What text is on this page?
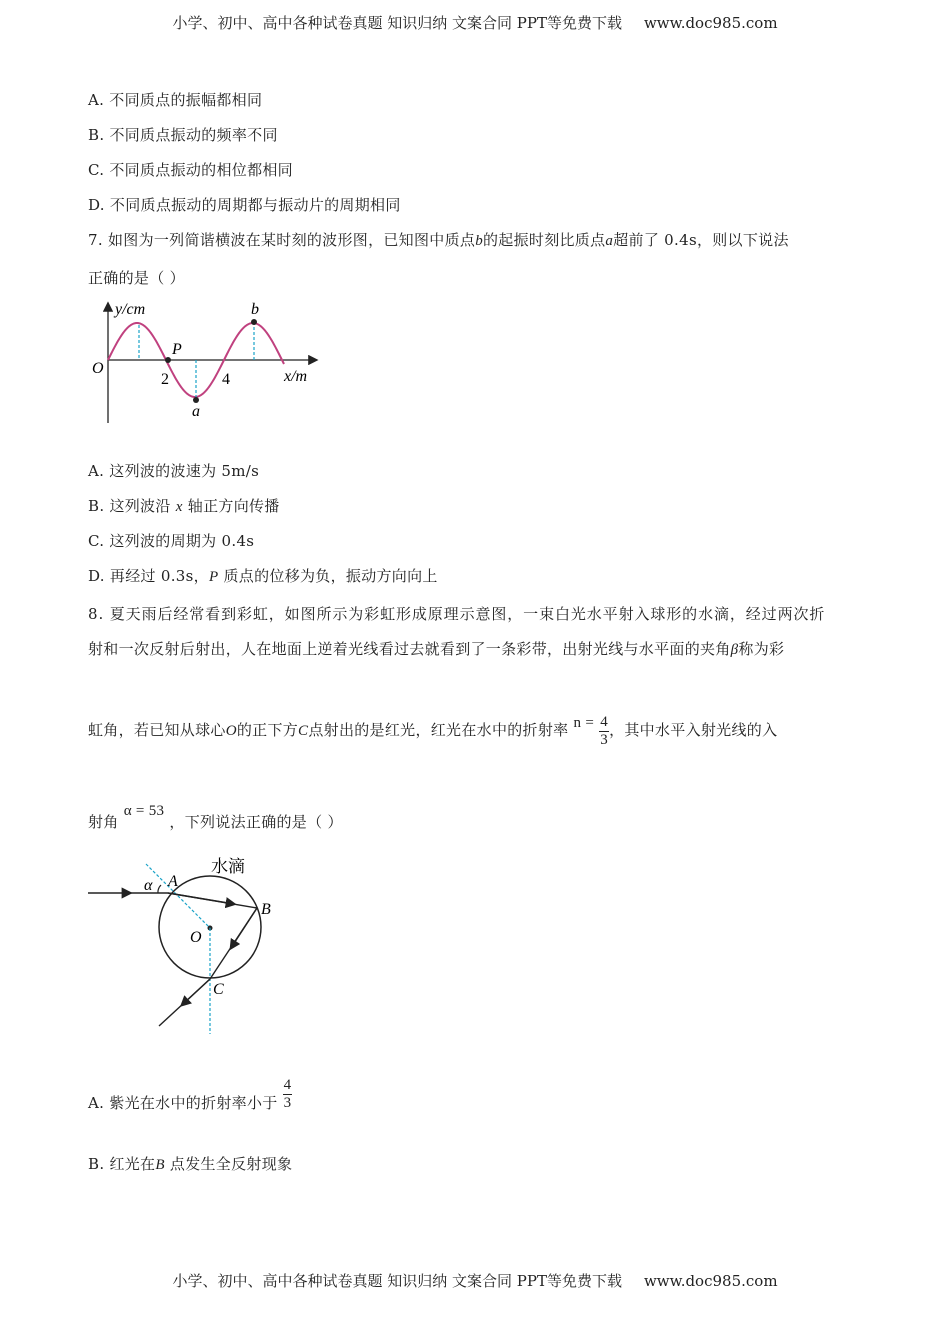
小学、初中、高中各种试卷真题 知识归纳 文案合同 PPT等免费下载 www.doc985.com
A. 不同质点的振幅都相同
B. 不同质点振动的频率不同
C. 不同质点振动的相位都相同
D. 不同质点振动的周期都与振动片的周期相同
7. 如图为一列简谐横波在某时刻的波形图，已知图中质点b的起振时刻比质点a超前了 0.4s，则以下说法
正确的是（ ）
y/cm
x/m
O
2	4
P
a
b
A. 这列波的波速为 5m/s
B. 这列波沿 x 轴正方向传播
C. 这列波的周期为 0.4s
D. 再经过 0.3s，P 质点的位移为负，振动方向向上
8. 夏天雨后经常看到彩虹，如图所示为彩虹形成原理示意图，一束白光水平射入球形的水滴，经过两次折
射和一次反射后射出，人在地面上逆着光线看过去就看到了一条彩带，出射光线与水平面的夹角β称为彩
虹角，若已知从球心O的正下方C点射出的是红光，红光在水中的折射率 $n = \frac{4}{3}$ ，其中水平入射光线的入
射角 α = 53 ，下列说法正确的是（ ）
水滴
A
B
C
O
α
A. 紫光在水中的折射率小于 $\frac{4}{3}$
B. 红光在B 点发生全反射现象
小学、初中、高中各种试卷真题 知识归纳 文案合同 PPT等免费下载 www.doc985.com
